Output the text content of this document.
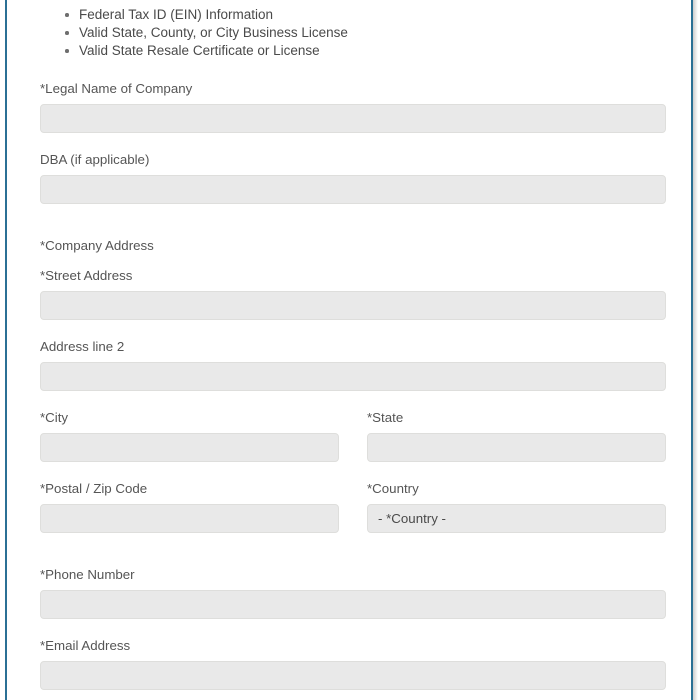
Federal Tax ID (EIN) Information
Valid State, County, or City Business License
Valid State Resale Certificate or License
*Legal Name of Company
DBA (if applicable)
*Company Address
*Street Address
Address line 2
*City	*State
*Postal / Zip Code	*Country
- *Country -
*Phone Number
*Email Address
